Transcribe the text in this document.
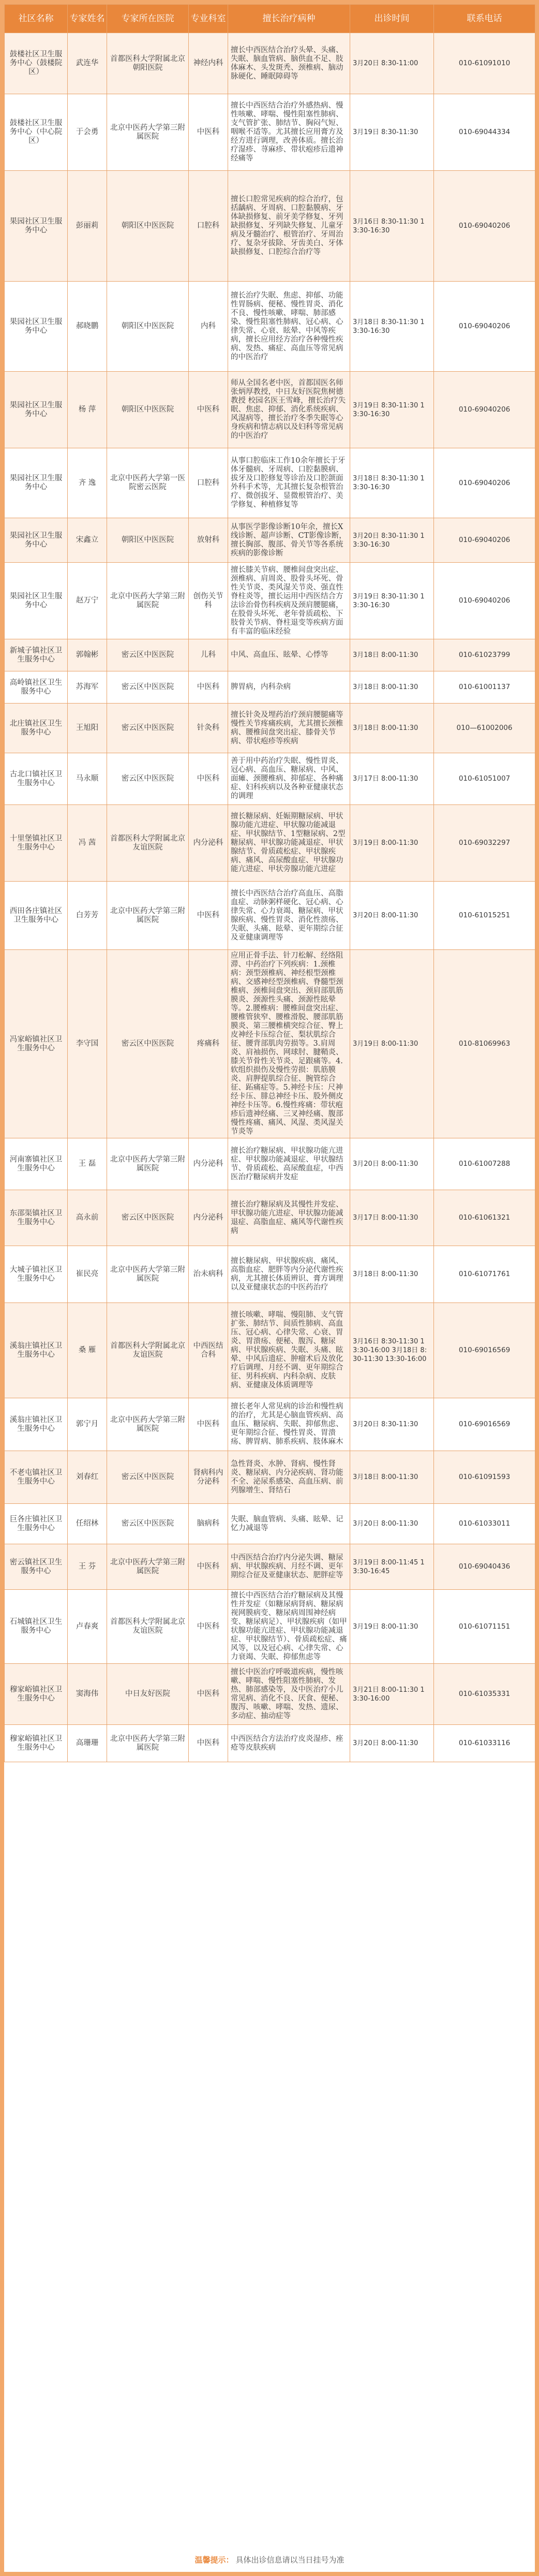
社区名称	专家姓名	专家所在医院	专业科室	擅长治疗病种	出诊时间	联系电话
鼓楼社区卫生服务中心（鼓楼院区）	武连华	首都医科大学附属北京朝阳医院	神经内科	擅长中西医结合治疗头晕、头痛、失眠、脑血管病、脑供血不足、肢体麻木、头发斑秃、颈椎病、脑动脉硬化、睡眠障碍等	3月20日 8:30-11:00	010-61091010
鼓楼社区卫生服务中心（中心院区）	于会勇	北京中医药大学第三附属医院	中医科	擅长中西医结合治疗外感热病、慢性咳嗽、哮喘、慢性阻塞性肺病、支气管扩张、肺结节、胸闷气短、咽喉不适等。尤其擅长应用膏方及经方进行调理，改善体质。擅长治疗湿疹、荨麻疹、带状疱疹后遗神经痛等	3月19日 8:30-11:30	010-69044334
果园社区卫生服务中心	彭丽莉	朝阳区中医医院	口腔科	擅长口腔常见疾病的综合治疗，包括龋病、牙周病、口腔黏膜病、牙体缺损修复、前牙美学修复、牙列缺损修复、牙列缺失修复、儿童牙病及牙髓治疗、根管治疗、牙周治疗、复杂牙拔除、牙齿美白、牙体缺损修复、口腔综合治疗等	3月16日 8:30-11:30 13:30-16:30	010-69040206
果园社区卫生服务中心	郝晓鹏	朝阳区中医医院	内科	擅长治疗失眠、焦虑、抑郁、功能性胃肠病、便秘、慢性胃炎、消化不良、慢性咳嗽、哮喘、肺部感染、慢性阻塞性肺病、冠心病、心律失常、心衰、眩晕、中风等疾病，擅长应用经方治疗各种慢性疾病、发热、痛症、高血压等常见病的中医治疗	3月18日 8:30-11:30 13:30-16:30	010-69040206
果园社区卫生服务中心	杨 萍	朝阳区中医医院	中医科	师从全国名老中医，首都国医名师张炳厚教授，中日友好医院焦树德教授 校园名医王雪峰，擅长治疗失眠、焦虑、抑郁、消化系统疾病、风湿病等，擅长治疗冬季失眠等心身疾病和情志病以及妇科等常见病的中医治疗	3月19日 8:30-11:30 13:30-16:30	010-69040206
果园社区卫生服务中心	齐 逸	北京中医药大学第一医院密云医院	口腔科	从事口腔临床工作10余年擅长于牙体牙髓病、牙周病、口腔黏膜病、拔牙及口腔修复等诊治及口腔颌面外科手术等，尤其擅长复杂根管治疗、微创拔牙、显微根管治疗、美学修复、种植修复等	3月18日 8:30-11:30 13:30-16:30	010-69040206
果园社区卫生服务中心	宋鑫立	朝阳区中医医院	放射科	从事医学影像诊断10年余，擅长X线诊断、超声诊断、CT影像诊断，擅长胸部、腹部、骨关节等各系统疾病的影像诊断	3月20日 8:30-11:30 13:30-16:30	010-69040206
果园社区卫生服务中心	赵万宁	北京中医药大学第三附属医院	创伤关节科	擅长膝关节病、腰椎间盘突出症、颈椎病、肩周炎、股骨头坏死、骨性关节炎、类风湿关节炎、强直性脊柱炎等，擅长运用中西医结合方法诊治骨伤科疾病及颈肩腰腿痛，在股骨头坏死、老年骨质疏松、下肢骨关节病、脊柱退变等疾病方面有丰富的临床经验	3月19日 8:30-11:30 13:30-16:30	010-69040206
新城子镇社区卫生服务中心	郭翰彬	密云区中医医院	儿科	中风、高血压、眩晕、心悸等	3月18日 8:00-11:30	010-61023799
高岭镇社区卫生服务中心	苏海军	密云区中医医院	中医科	脾胃病，内科杂病	3月18日 8:00-11:30	010-61001137
北庄镇社区卫生服务中心	王旭阳	密云区中医医院	针灸科	擅长针灸及埋药治疗颈肩腰腿痛等慢性关节疼痛疾病，尤其擅长颈椎病、腰椎间盘突出症、膝骨关节病、带状疱疹等疾病	3月18日 8:00-11:30	010—61002006
古北口镇社区卫生服务中心	马永顺	密云区中医医院	中医科	善于用中药治疗失眠、慢性胃炎、冠心病、高血压、糖尿病、中风、面瘫、颈腰椎病、抑郁症、各种痛症、妇科疾病以及各种亚健康状态的调理	3月17日 8:00-11:30	010-61051007
十里堡镇社区卫生服务中心	冯 茜	首都医科大学附属北京友谊医院	内分泌科	擅长糖尿病、妊娠期糖尿病、甲状腺功能亢进症、甲状腺功能减退症、甲状腺结节、1型糖尿病、2型糖尿病、甲状腺功能减退症、甲状腺结节、骨质疏松症、甲状腺疾病、痛风、高尿酸血症、甲状腺功能亢进症、甲状旁腺功能亢进症	3月19日 8:00-11:30	010-69032297
西田各庄镇社区卫生服务中心	白芳芳	北京中医药大学第三附属医院	中医科	擅长中西医结合治疗高血压、高脂血症、动脉粥样硬化、冠心病、心律失常、心力衰竭、糖尿病、甲状腺疾病、慢性胃炎、消化性溃疡、失眠、头痛、眩晕、更年期综合征及亚健康调理等	3月20日 8:00-11:30	010-61015251
冯家峪镇社区卫生服务中心	李守国	密云区中医医院	疼痛科	应用正骨手法、针刀松解、经络阻滞、中药治疗下列疾病：1.颈椎病：颈型颈椎病、神经根型颈椎病、交感神经型颈椎病、脊髓型颈椎病、颈椎间盘突出、颈肩部肌筋膜炎、颈源性头痛、颈源性眩晕等。2.腰椎病：腰椎间盘突出症、腰椎管狭窄、腰椎滑脱、腰部肌筋膜炎、第三腰椎横突综合征、臀上皮神经卡压综合征、梨状肌综合征、腰背部肌肉劳损等。3.肩周炎、肩袖损伤、网球肘、腱鞘炎、膝关节骨性关节炎、足跟痛等。4.软组织损伤及慢性劳损：肌筋膜炎、肩胛提肌综合征、腕管综合征、跖痛症等。5.神经卡压：尺神经卡压、腓总神经卡压、股外侧皮神经卡压等。6.慢性疼痛：带状疱疹后遗神经痛、三叉神经痛、腹部慢性疼痛、痛风、风湿、类风湿关节炎等	3月19日 8:00-11:30	010-81069963
河南寨镇社区卫生服务中心	王 磊	北京中医药大学第三附属医院	内分泌科	擅长治疗糖尿病、甲状腺功能亢进症、甲状腺功能减退症、甲状腺结节、骨质疏松、高尿酸血症，中西医治疗糖尿病并发症	3月20日 8:00-11:30	010-61007288
东邵渠镇社区卫生服务中心	高永前	密云区中医医院	内分泌科	擅长治疗糖尿病及其慢性并发症、甲状腺功能亢进症、甲状腺功能减退症、高脂血症、痛风等代谢性疾病	3月17日 8:00-11:30	010-61061321
大城子镇社区卫生服务中心	崔民亮	北京中医药大学第三附属医院	治未病科	擅长糖尿病、甲状腺疾病、痛风、高脂血症、肥胖等内分泌代谢性疾病，尤其擅长体质辨识、膏方调理以及亚健康状态的中医药治疗	3月18日 8:00-11:30	010-61071761
溪翁庄镇社区卫生服务中心	桑 雁	首都医科大学附属北京友谊医院	中西医结合科	擅长咳嗽、哮喘、慢阻肺、支气管扩张、肺结节、间质性肺病、高血压、冠心病、心律失常、心衰、胃炎、胃溃疡、便秘、腹泻、糖尿病、甲状腺疾病、失眠、头痛、眩晕、中风后遗症、肿瘤术后及放化疗后调理、月经不调、更年期综合征、男科疾病、内科杂病、皮肤病、亚健康及体质调理等	3月16日 8:30-11:30 13:30-16:00 3月18日 8:30-11:30 13:30-16:00	010-69016569
溪翁庄镇社区卫生服务中心	郭宁月	北京中医药大学第三附属医院	中医科	擅长老年人常见病的诊治和慢性病的治疗，尤其是心脑血管疾病、高血压、糖尿病、失眠、抑郁焦虑、更年期综合征、慢性胃炎、胃溃疡、脾胃病、肺系疾病、肢体麻木	3月20日 8:30-11:30	010-69016569
不老屯镇社区卫生服务中心	刘春红	密云区中医医院	肾病科内分泌科	急性肾炎、水肿、肾病、慢性肾炎、糖尿病、内分泌疾病、肾功能不全、泌尿系感染、高血压病、前列腺增生、肾结石	3月18日 8:00-11:30	010-61091593
巨各庄镇社区卫生服务中心	任绍林	密云区中医医院	脑病科	失眠、脑血管病、头痛、眩晕、记忆力减退等	3月20日 8:00-11:30	010-61033011
密云镇社区卫生服务中心	王 芬	北京中医药大学第三附属医院	中医科	中西医结合治疗内分泌失调、糖尿病、甲状腺疾病、月经不调、更年期综合征及亚健康状态、肥胖症等	3月19日 8:00-11:45 13:30-16:45	010-69040436
石城镇社区卫生服务中心	卢春爽	首都医科大学附属北京友谊医院	中医科	擅长中西医结合治疗糖尿病及其慢性并发症（如糖尿病肾病、糖尿病视网膜病变、糖尿病周围神经病变、糖尿病足）、甲状腺疾病（如甲状腺功能亢进症、甲状腺功能减退症、甲状腺结节）、骨质疏松症、痛风等，以及冠心病、心律失常、心力衰竭、失眠、抑郁焦虑等	3月19日 8:00-11:30	010-61071151
穆家峪镇社区卫生服务中心	窦海伟	中日友好医院	中医科	擅长中医治疗呼吸道疾病，慢性咳嗽、哮喘、慢性阻塞性肺病、发热、肺部感染等，及中医治疗小儿常见病、消化不良、厌食、便秘、腹泻、咳嗽、哮喘、发热、遗尿、多动症、抽动症等	3月21日 8:00-11:30 13:30-16:00	010-61035331
穆家峪镇社区卫生服务中心	高珊珊	北京中医药大学第三附属医院	中医科	中西医结合方法治疗皮炎湿疹、痤疮等皮肤疾病	3月20日 8:00-11:30	010-61033116
温馨提示： 具体出诊信息请以当日挂号为准
